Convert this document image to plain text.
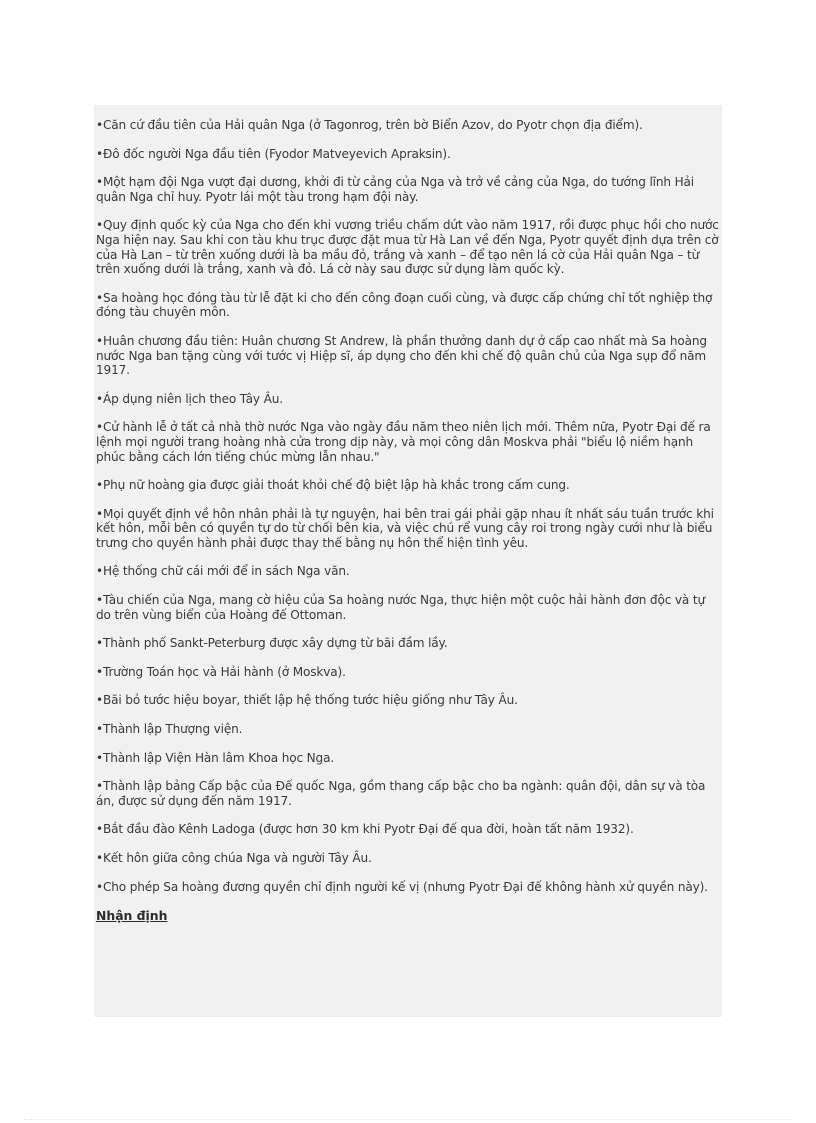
•Căn cứ đầu tiên của Hải quân Nga (ở Tagonrog, trên bờ Biển Azov, do Pyotr chọn địa điểm).

•Đô đốc người Nga đầu tiên (Fyodor Matveyevich Apraksin).

•Một hạm đội Nga vượt đại dương, khởi đi từ cảng của Nga và trở về cảng của Nga, do tướng lĩnh Hải quân Nga chỉ huy. Pyotr lái một tàu trong hạm đội này.

•Quy định quốc kỳ của Nga cho đến khi vương triều chấm dứt vào năm 1917, rồi được phục hồi cho nước Nga hiện nay. Sau khi con tàu khu trục được đặt mua từ Hà Lan về đến Nga, Pyotr quyết định dựa trên cờ của Hà Lan – từ trên xuống dưới là ba mầu đỏ, trắng và xanh – để tạo nên lá cờ của Hải quân Nga – từ trên xuống dưới là trắng, xanh và đỏ. Lá cờ này sau được sử dụng làm quốc kỳ.

•Sa hoàng học đóng tàu từ lễ đặt ki cho đến công đoạn cuối cùng, và được cấp chứng chỉ tốt nghiệp thợ đóng tàu chuyên môn.

•Huân chương đầu tiên: Huân chương St Andrew, là phần thưởng danh dự ở cấp cao nhất mà Sa hoàng nước Nga ban tặng cùng với tước vị Hiệp sĩ, áp dụng cho đến khi chế độ quân chủ của Nga sụp đổ năm 1917.

•Áp dụng niên lịch theo Tây Âu.

•Cử hành lễ ở tất cả nhà thờ nước Nga vào ngày đầu năm theo niên lịch mới. Thêm nữa, Pyotr Đại đế ra lệnh mọi người trang hoàng nhà cửa trong dịp này, và mọi công dân Moskva phải "biểu lộ niềm hạnh phúc bằng cách lớn tiếng chúc mừng lẫn nhau."

•Phụ nữ hoàng gia được giải thoát khỏi chế độ biệt lập hà khắc trong cấm cung.

•Mọi quyết định về hôn nhân phải là tự nguyện, hai bên trai gái phải gặp nhau ít nhất sáu tuần trước khi kết hôn, mỗi bên có quyền tự do từ chối bên kia, và việc chú rể vung cây roi trong ngày cưới như là biểu trưng cho quyền hành phải được thay thế bằng nụ hôn thể hiện tình yêu.

•Hệ thống chữ cái mới để in sách Nga văn.

•Tàu chiến của Nga, mang cờ hiệu của Sa hoàng nước Nga, thực hiện một cuộc hải hành đơn độc và tự do trên vùng biển của Hoàng đế Ottoman.

•Thành phố Sankt-Peterburg được xây dựng từ bãi đầm lầy.

•Trường Toán học và Hải hành (ở Moskva).

•Bãi bỏ tước hiệu boyar, thiết lập hệ thống tước hiệu giống như Tây Âu.

•Thành lập Thượng viện.

•Thành lập Viện Hàn lâm Khoa học Nga.

•Thành lập bảng Cấp bậc của Đế quốc Nga, gồm thang cấp bậc cho ba ngành: quân đội, dân sự và tòa án, được sử dụng đến năm 1917.

•Bắt đầu đào Kênh Ladoga (được hơn 30 km khi Pyotr Đại đế qua đời, hoàn tất năm 1932).

•Kết hôn giữa công chúa Nga và người Tây Âu.

•Cho phép Sa hoàng đương quyền chỉ định người kế vị (nhưng Pyotr Đại đế không hành xử quyền này).

Nhận định
